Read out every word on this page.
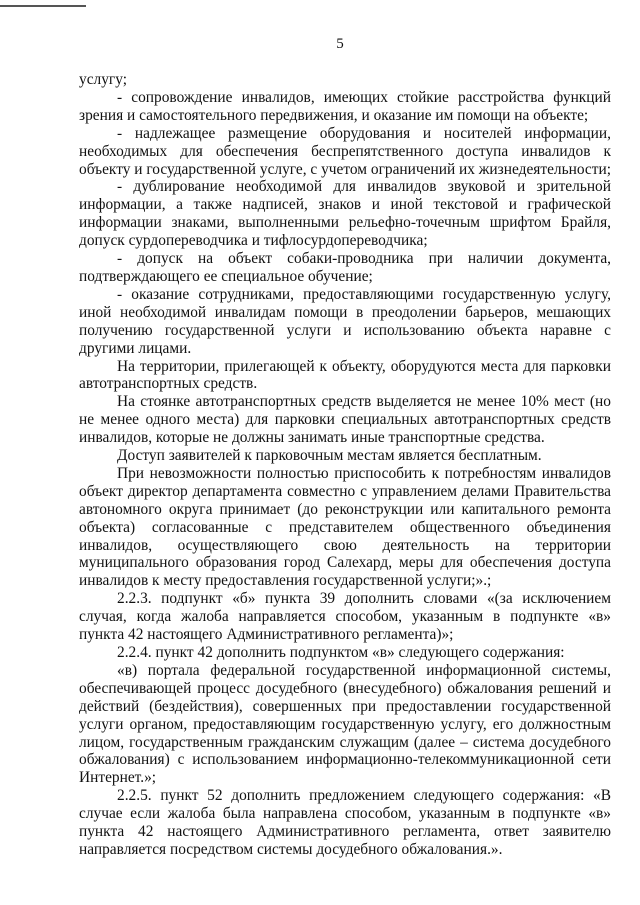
5

услугу;

- сопровождение инвалидов, имеющих стойкие расстройства функций зрения и самостоятельного передвижения, и оказание им помощи на объекте;

- надлежащее размещение оборудования и носителей информации, необходимых для обеспечения беспрепятственного доступа инвалидов к объекту и государственной услуге, с учетом ограничений их жизнедеятельности;

- дублирование необходимой для инвалидов звуковой и зрительной информации, а также надписей, знаков и иной текстовой и графической информации знаками, выполненными рельефно-точечным шрифтом Брайля, допуск сурдопереводчика и тифлосурдопереводчика;

- допуск на объект собаки-проводника при наличии документа, подтверждающего ее специальное обучение;

- оказание сотрудниками, предоставляющими государственную услугу, иной необходимой инвалидам помощи в преодолении барьеров, мешающих получению государственной услуги и использованию объекта наравне с другими лицами.

На территории, прилегающей к объекту, оборудуются места для парковки автотранспортных средств.

На стоянке автотранспортных средств выделяется не менее 10% мест (но не менее одного места) для парковки специальных автотранспортных средств инвалидов, которые не должны занимать иные транспортные средства.

Доступ заявителей к парковочным местам является бесплатным.

При невозможности полностью приспособить к потребностям инвалидов объект директор департамента совместно с управлением делами Правительства автономного округа принимает (до реконструкции или капитального ремонта объекта) согласованные с представителем общественного объединения инвалидов, осуществляющего свою деятельность на территории муниципального образования город Салехард, меры для обеспечения доступа инвалидов к месту предоставления государственной услуги;».;

2.2.3. подпункт «б» пункта 39 дополнить словами «(за исключением случая, когда жалоба направляется способом, указанным в подпункте «в» пункта 42 настоящего Административного регламента)»;

2.2.4. пункт 42 дополнить подпунктом «в» следующего содержания:

«в) портала федеральной государственной информационной системы, обеспечивающей процесс досудебного (внесудебного) обжалования решений и действий (бездействия), совершенных при предоставлении государственной услуги органом, предоставляющим государственную услугу, его должностным лицом, государственным гражданским служащим (далее – система досудебного обжалования) с использованием информационно-телекоммуникационной сети Интернет.»;

2.2.5. пункт 52 дополнить предложением следующего содержания: «В случае если жалоба была направлена способом, указанным в подпункте «в» пункта 42 настоящего Административного регламента, ответ заявителю направляется посредством системы досудебного обжалования.».
